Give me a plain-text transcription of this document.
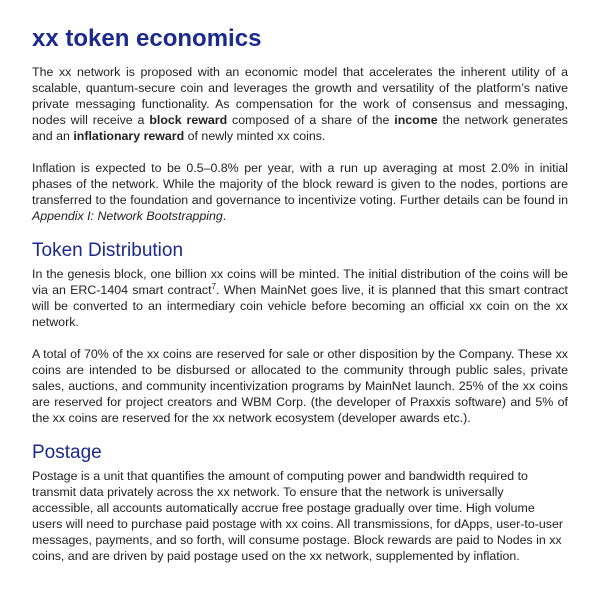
xx token economics

The xx network is proposed with an economic model that accelerates the inherent utility of a scalable, quantum-secure coin and leverages the growth and versatility of the platform’s native private messaging functionality. As compensation for the work of consensus and messaging, nodes will receive a block reward composed of a share of the income the network generates and an inflationary reward of newly minted xx coins.

Inflation is expected to be 0.5–0.8% per year, with a run up averaging at most 2.0% in initial phases of the network. While the majority of the block reward is given to the nodes, portions are transferred to the foundation and governance to incentivize voting. Further details can be found in Appendix I: Network Bootstrapping.

Token Distribution

In the genesis block, one billion xx coins will be minted. The initial distribution of the coins will be via an ERC-1404 smart contract$^7$. When MainNet goes live, it is planned that this smart contract will be converted to an intermediary coin vehicle before becoming an official xx coin on the xx network.

A total of 70% of the xx coins are reserved for sale or other disposition by the Company. These xx coins are intended to be disbursed or allocated to the community through public sales, private sales, auctions, and community incentivization programs by MainNet launch. 25% of the xx coins are reserved for project creators and WBM Corp. (the developer of Praxxis software) and 5% of the xx coins are reserved for the xx network ecosystem (developer awards etc.).

Postage

Postage is a unit that quantifies the amount of computing power and bandwidth required to transmit data privately across the xx network. To ensure that the network is universally accessible, all accounts automatically accrue free postage gradually over time. High volume users will need to purchase paid postage with xx coins. All transmissions, for dApps, user-to-user messages, payments, and so forth, will consume postage. Block rewards are paid to Nodes in xx coins, and are driven by paid postage used on the xx network, supplemented by inflation.
